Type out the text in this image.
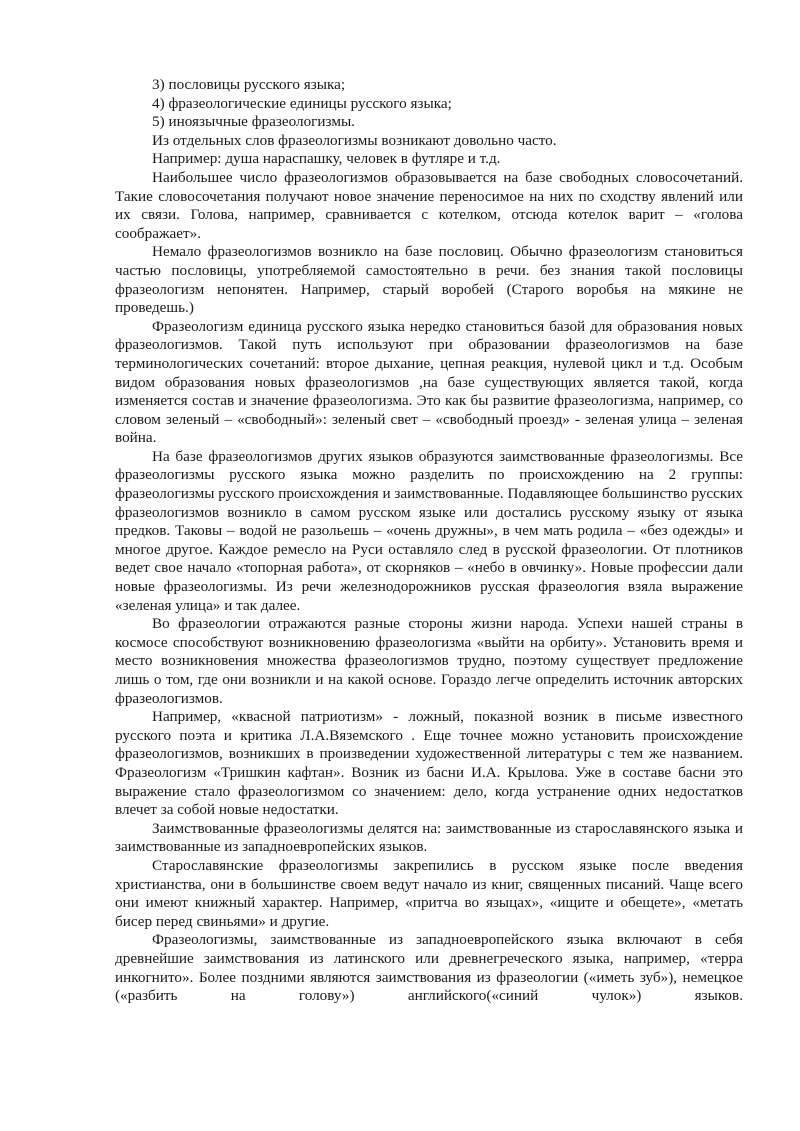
3) пословицы русского языка;

4) фразеологические единицы русского языка;

5) иноязычные фразеологизмы.

Из отдельных слов фразеологизмы возникают довольно часто.

Например: душа нараспашку, человек в футляре и т.д.

Наибольшее число фразеологизмов образовывается на базе свободных словосочетаний. Такие словосочетания получают новое значение переносимое на них по сходству явлений или их связи. Голова, например, сравнивается с котелком, отсюда котелок варит – «голова соображает».

Немало фразеологизмов возникло на базе пословиц. Обычно фразеологизм становиться частью пословицы, употребляемой самостоятельно в речи. без знания такой пословицы фразеологизм непонятен. Например, старый воробей (Старого воробья на мякине не проведешь.)

Фразеологизм единица русского языка нередко становиться базой для образования новых фразеологизмов. Такой путь используют при образовании фразеологизмов на базе терминологических сочетаний: второе дыхание, цепная реакция, нулевой цикл и т.д. Особым видом образования новых фразеологизмов ,на базе существующих является такой, когда изменяется состав и значение фразеологизма. Это как бы развитие фразеологизма, например, со словом зеленый – «свободный»: зеленый свет – «свободный проезд» - зеленая улица – зеленая война.

На базе фразеологизмов других языков образуются заимствованные фразеологизмы. Все фразеологизмы русского языка можно разделить по происхождению на 2 группы: фразеологизмы русского происхождения и заимствованные. Подавляющее большинство русских фразеологизмов возникло в самом русском языке или достались русскому языку от языка предков. Таковы – водой не разольешь – «очень дружны», в чем мать родила – «без одежды» и многое другое. Каждое ремесло на Руси оставляло след в русской фразеологии. От плотников ведет свое начало «топорная работа», от скорняков – «небо в овчинку». Новые профессии дали новые фразеологизмы. Из речи железнодорожников русская фразеология взяла выражение «зеленая улица» и так далее.

Во фразеологии отражаются разные стороны жизни народа. Успехи нашей страны в космосе способствуют возникновению фразеологизма «выйти на орбиту». Установить время и место возникновения множества фразеологизмов трудно, поэтому существует предложение лишь о том, где они возникли и на какой основе. Гораздо легче определить источник авторских фразеологизмов.

Например, «квасной патриотизм» - ложный, показной возник в письме известного русского поэта и критика Л.А.Вяземского . Еще точнее можно установить происхождение фразеологизмов, возникших в произведении художественной литературы с тем же названием. Фразеологизм «Тришкин кафтан». Возник из басни И.А. Крылова. Уже в составе басни это выражение стало фразеологизмом со значением: дело, когда устранение одних недостатков влечет за собой новые недостатки.

Заимствованные фразеологизмы делятся на: заимствованные из старославянского языка и заимствованные из западноевропейских языков.

Старославянские фразеологизмы закрепились в русском языке после введения христианства, они в большинстве своем ведут начало из книг, священных писаний. Чаще всего они имеют книжный характер. Например, «притча во языцах», «ищите и обещете», «метать бисер перед свиньями» и другие.

Фразеологизмы, заимствованные из западноевропейского языка включают в себя древнейшие заимствования из латинского или древнегреческого языка, например, «терра инкогнито». Более поздними являются заимствования из фразеологии («иметь зуб»), немецкое («разбить на голову») английского(«синий чулок») языков.
